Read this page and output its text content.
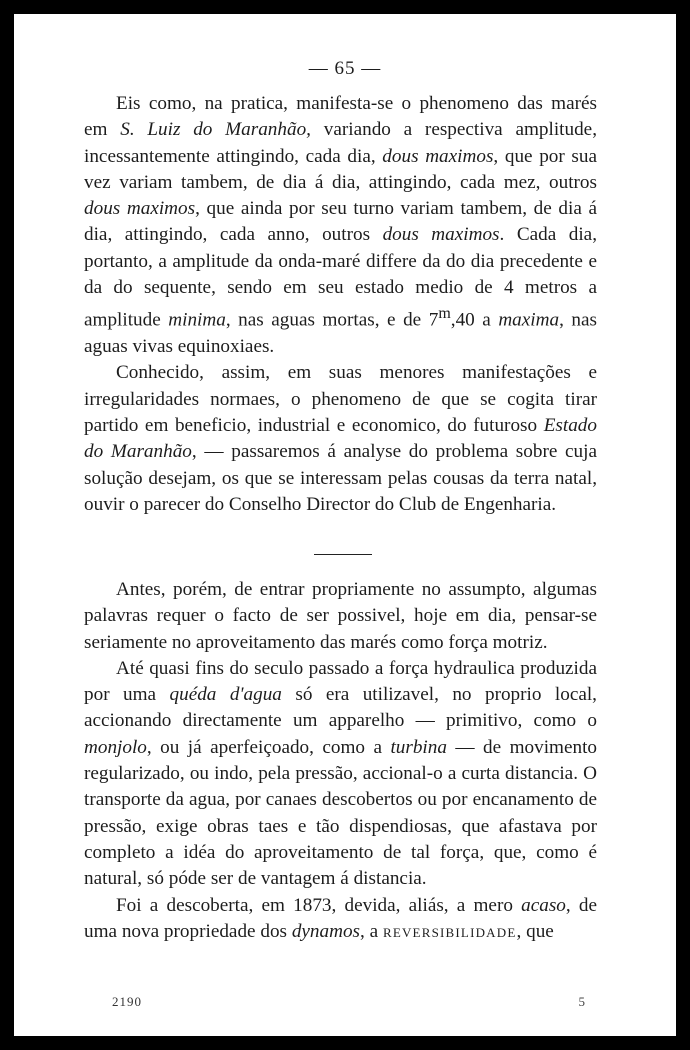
— 65 —

Eis como, na pratica, manifesta-se o phenomeno das marés em S. Luiz do Maranhão, variando a respectiva amplitude, incessantemente attingindo, cada dia, dous maximos, que por sua vez variam tambem, de dia á dia, attingindo, cada mez, outros dous maximos, que ainda por seu turno variam tambem, de dia á dia, attingindo, cada anno, outros dous maximos. Cada dia, portanto, a amplitude da onda-maré differe da do dia precedente e da do sequente, sendo em seu estado medio de 4 metros a amplitude minima, nas aguas mortas, e de 7$^m$,40 a maxima, nas aguas vivas equinoxiaes.

Conhecido, assim, em suas menores manifestações e irregularidades normaes, o phenomeno de que se cogita tirar partido em beneficio, industrial e economico, do futuroso Estado do Maranhão, — passaremos á analyse do problema sobre cuja solução desejam, os que se interessam pelas cousas da terra natal, ouvir o parecer do Conselho Director do Club de Engenharia.

Antes, porém, de entrar propriamente no assumpto, algumas palavras requer o facto de ser possivel, hoje em dia, pensar-se seriamente no aproveitamento das marés como força motriz.

Até quasi fins do seculo passado a força hydraulica produzida por uma quéda d'agua só era utilizavel, no proprio local, accionando directamente um apparelho — primitivo, como o monjolo, ou já aperfeiçoado, como a turbina — de movimento regularizado, ou indo, pela pressão, accional-o a curta distancia. O transporte da agua, por canaes descobertos ou por encanamento de pressão, exige obras taes e tão dispendiosas, que afastava por completo a idéa do aproveitamento de tal força, que, como é natural, só póde ser de vantagem á distancia.

Foi a descoberta, em 1873, devida, aliás, a mero acaso, de uma nova propriedade dos dynamos, a REVERSIBILIDADE, que

2190	5
